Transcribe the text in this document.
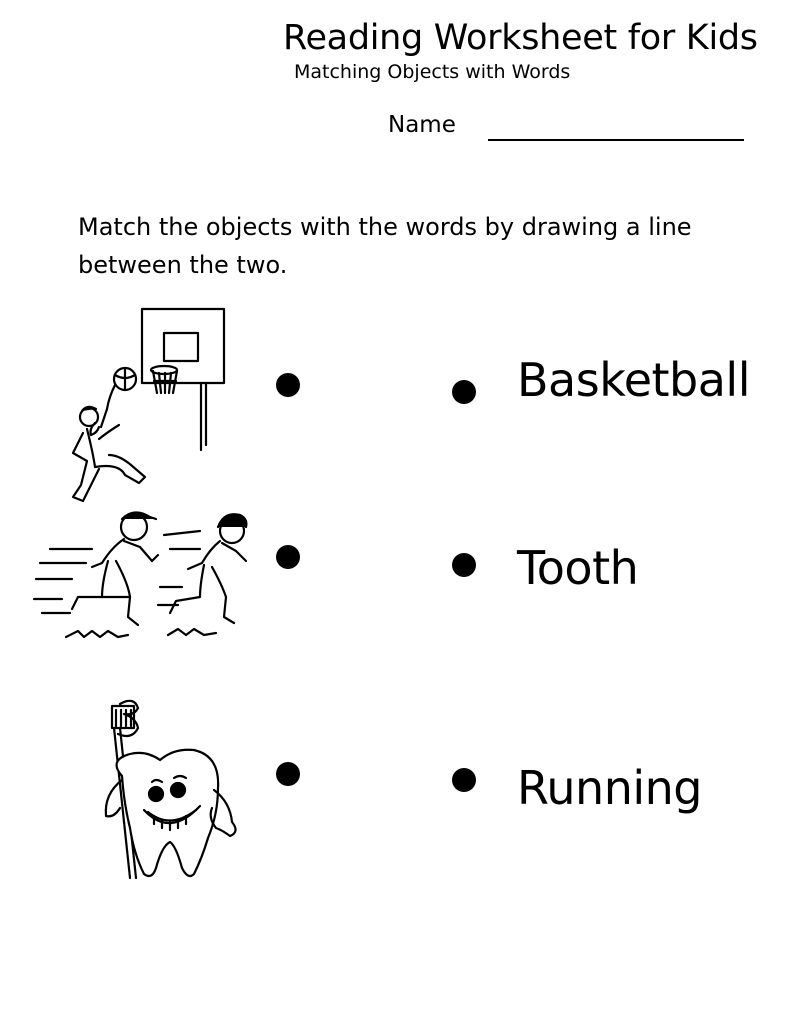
Reading Worksheet for Kids
Matching Objects with Words
Name
Match the objects with the words by drawing a line between the two.
Basketball
Tooth
Running
